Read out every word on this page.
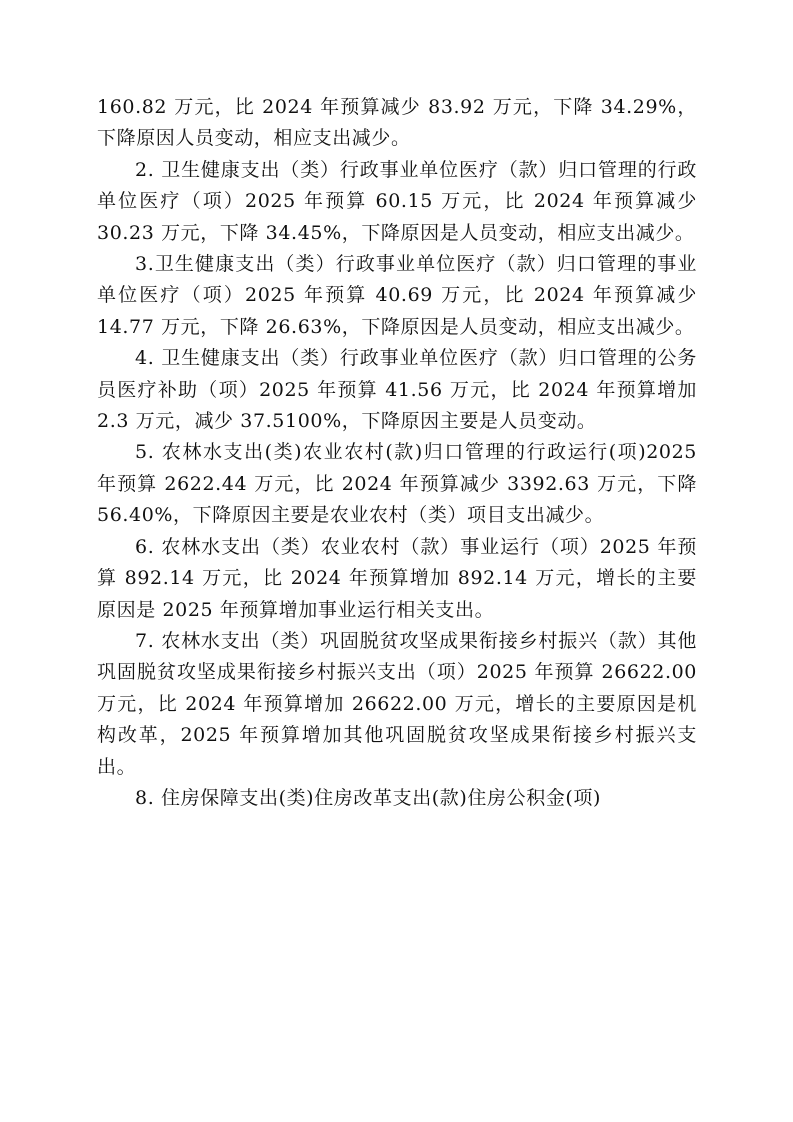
160.82 万元，比 2024 年预算减少 83.92 万元，下降 34.29%，下降原因人员变动，相应支出减少。

2. 卫生健康支出（类）行政事业单位医疗（款）归口管理的行政单位医疗（项）2025 年预算 60.15 万元，比 2024 年预算减少 30.23 万元，下降 34.45%，下降原因是人员变动，相应支出减少。

3.卫生健康支出（类）行政事业单位医疗（款）归口管理的事业单位医疗（项）2025 年预算 40.69 万元，比 2024 年预算减少 14.77 万元，下降 26.63%，下降原因是人员变动，相应支出减少。

4. 卫生健康支出（类）行政事业单位医疗（款）归口管理的公务员医疗补助（项）2025 年预算 41.56 万元，比 2024 年预算增加 2.3 万元，减少 37.5100%，下降原因主要是人员变动。

5. 农林水支出(类)农业农村(款)归口管理的行政运行(项)2025 年预算 2622.44 万元，比 2024 年预算减少 3392.63 万元，下降 56.40%，下降原因主要是农业农村（类）项目支出减少。

6. 农林水支出（类）农业农村（款）事业运行（项）2025 年预算 892.14 万元，比 2024 年预算增加 892.14 万元，增长的主要原因是 2025 年预算增加事业运行相关支出。

7. 农林水支出（类）巩固脱贫攻坚成果衔接乡村振兴（款）其他巩固脱贫攻坚成果衔接乡村振兴支出（项）2025 年预算 26622.00 万元，比 2024 年预算增加 26622.00 万元，增长的主要原因是机构改革，2025 年预算增加其他巩固脱贫攻坚成果衔接乡村振兴支出。

8. 住房保障支出(类)住房改革支出(款)住房公积金(项)
